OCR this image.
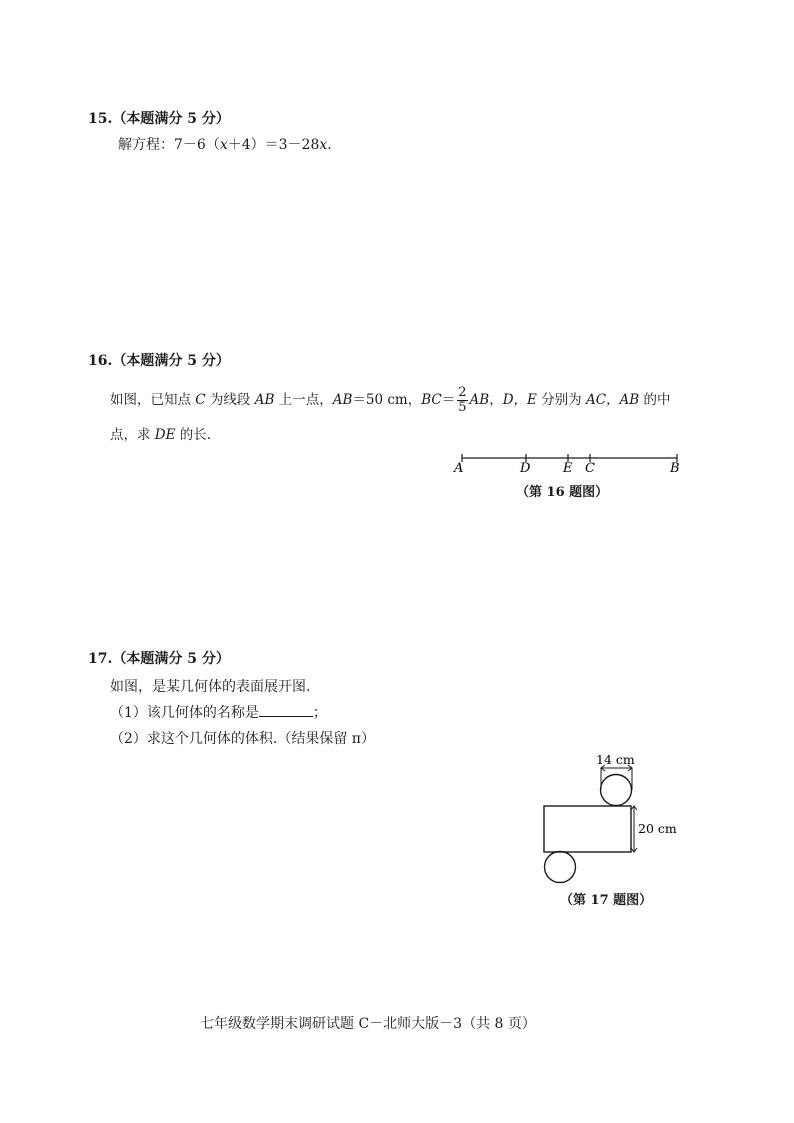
15.（本题满分 5 分）
解方程：7－6（x＋4）＝3－28x.
16.（本题满分 5 分）
如图，已知点 C 为线段 AB 上一点，AB＝50 cm，$BC= \frac{2}{5}$ AB，D，E 分别为 AC，AB 的中
点，求 DE 的长.
A	D	E C	B
（第 16 题图）
17.（本题满分 5 分）
如图，是某几何体的表面展开图.
（1）该几何体的名称是	；
（2）求这个几何体的体积.（结果保留 π）
14 cm
20 cm
（第 17 题图）
七年级数学期末调研试题 C－北师大版－3（共 8 页）
